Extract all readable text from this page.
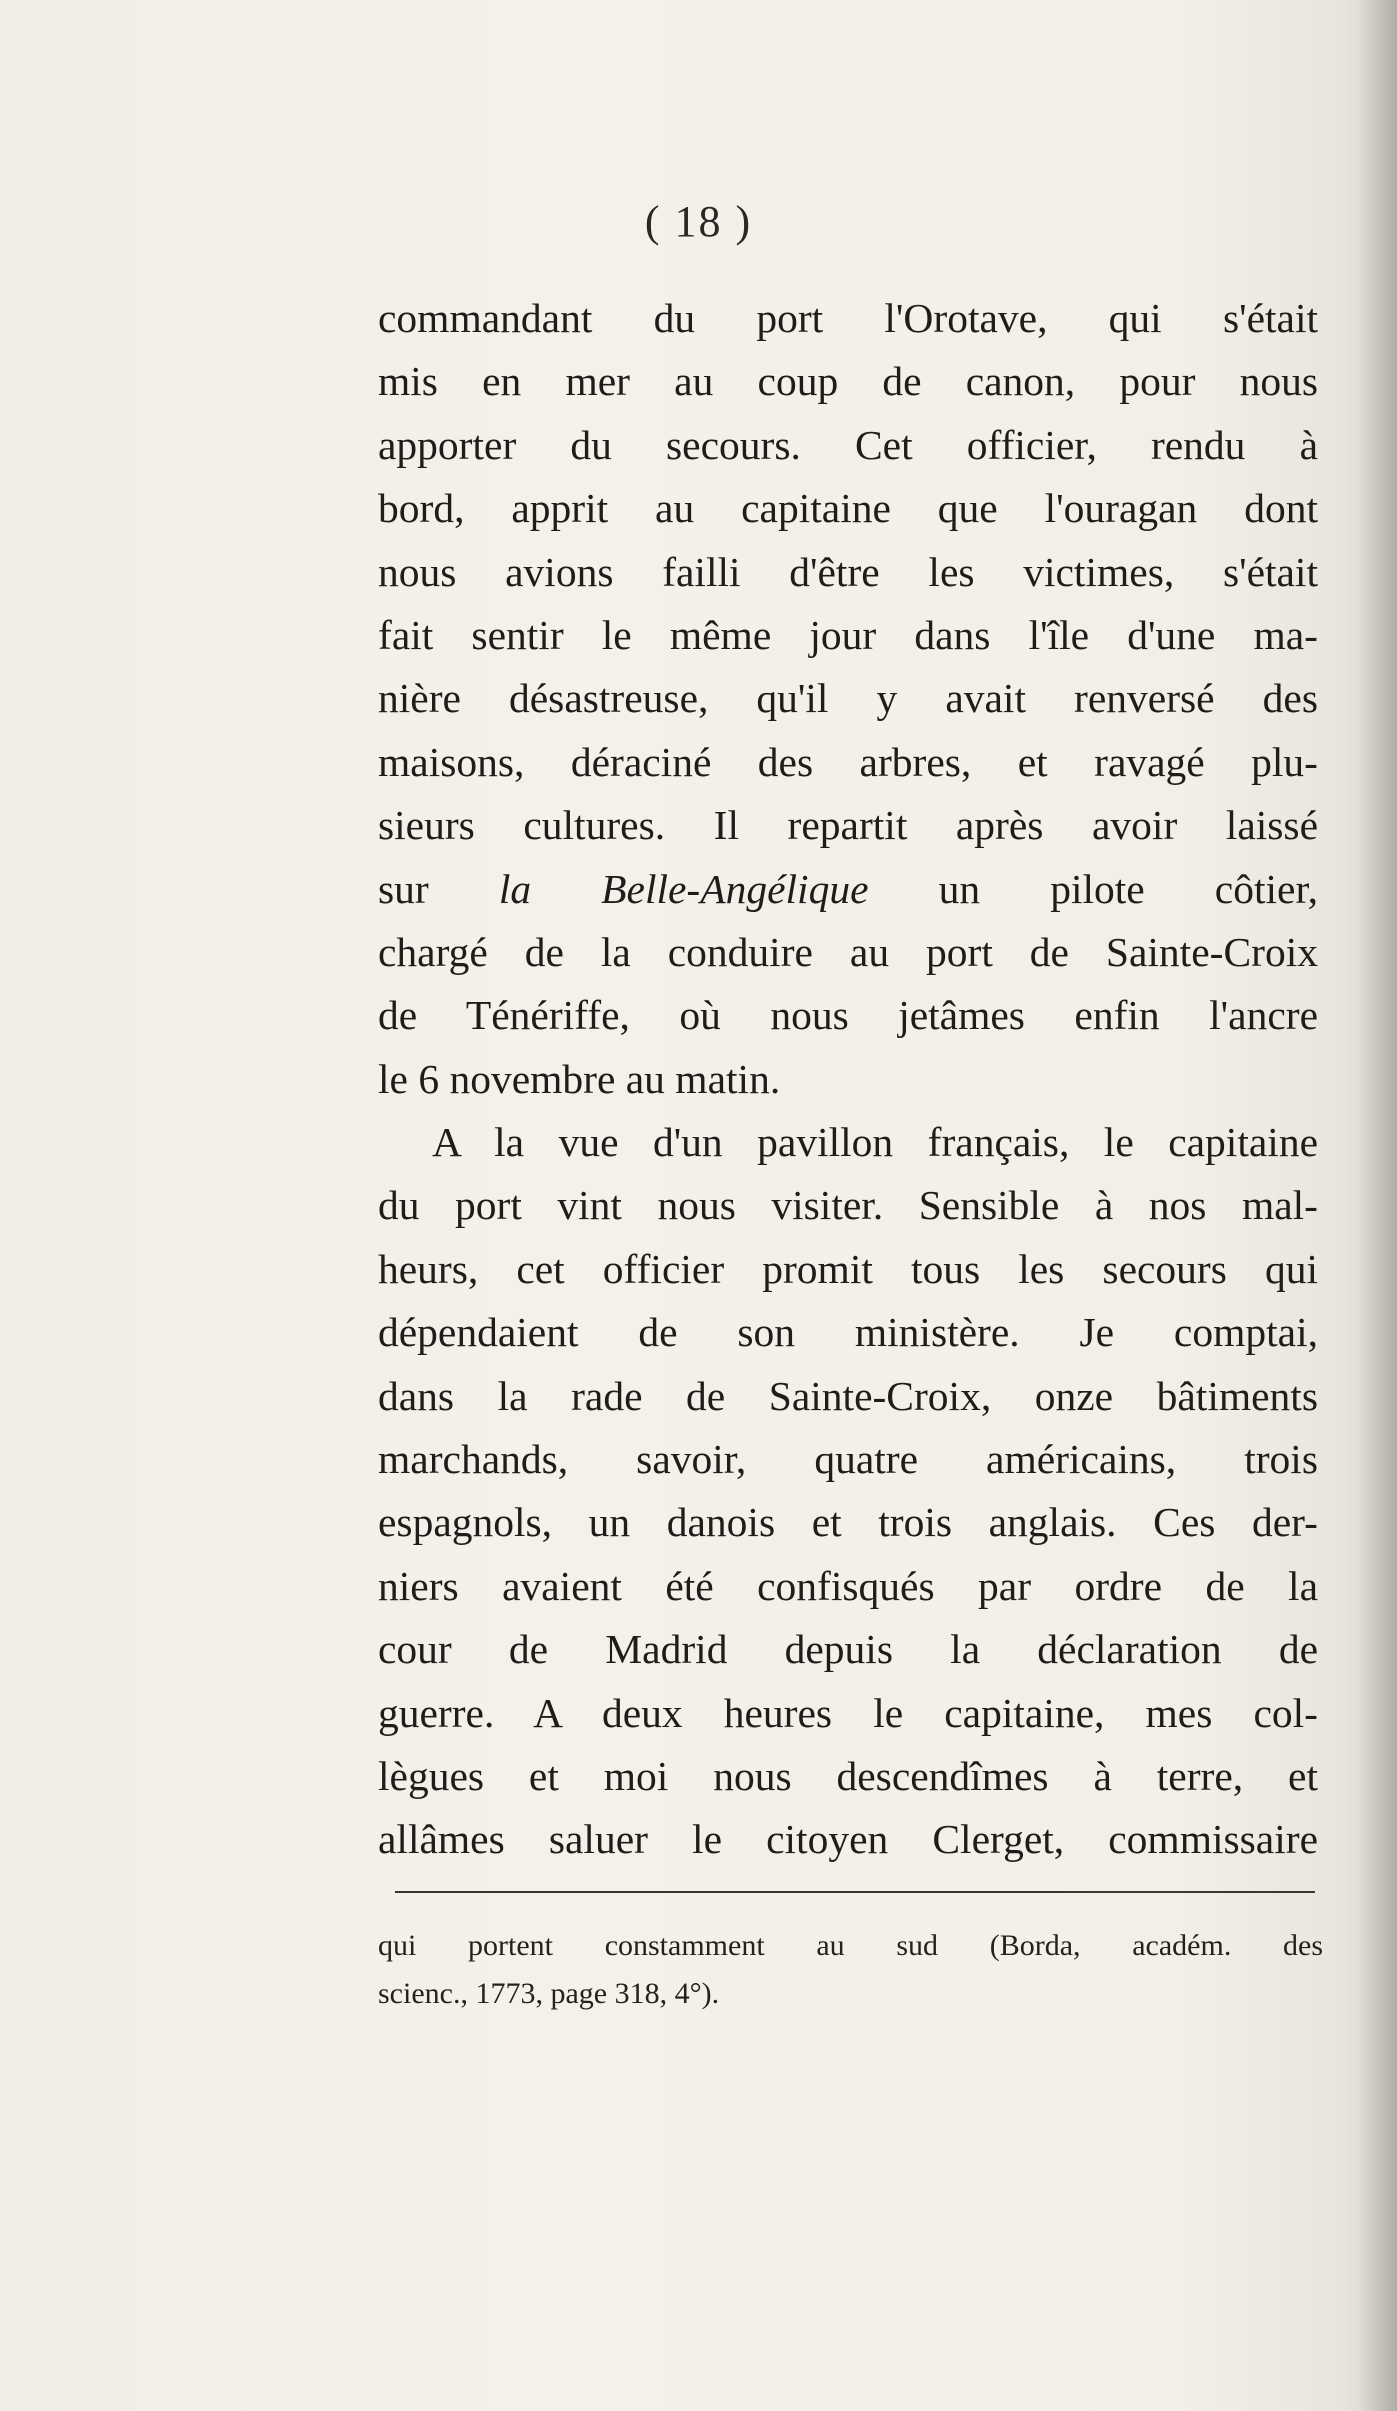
( 18 )
commandant du port l'Orotave, qui s'était
mis en mer au coup de canon, pour nous
apporter du secours. Cet officier, rendu à
bord, apprit au capitaine que l'ouragan dont
nous avions failli d'être les victimes, s'était
fait sentir le même jour dans l'île d'une ma-
nière désastreuse, qu'il y avait renversé des
maisons, déraciné des arbres, et ravagé plu-
sieurs cultures. Il repartit après avoir laissé
sur la Belle-Angélique un pilote côtier,
chargé de la conduire au port de Sainte-Croix
de Ténériffe, où nous jetâmes enfin l'ancre
le 6 novembre au matin.
A la vue d'un pavillon français, le capitaine
du port vint nous visiter. Sensible à nos mal-
heurs, cet officier promit tous les secours qui
dépendaient de son ministère. Je comptai,
dans la rade de Sainte-Croix, onze bâtiments
marchands, savoir, quatre américains, trois
espagnols, un danois et trois anglais. Ces der-
niers avaient été confisqués par ordre de la
cour de Madrid depuis la déclaration de
guerre. A deux heures le capitaine, mes col-
lègues et moi nous descendîmes à terre, et
allâmes saluer le citoyen Clerget, commissaire
qui portent constamment au sud (Borda, académ. des
scienc., 1773, page 318, 4°).
